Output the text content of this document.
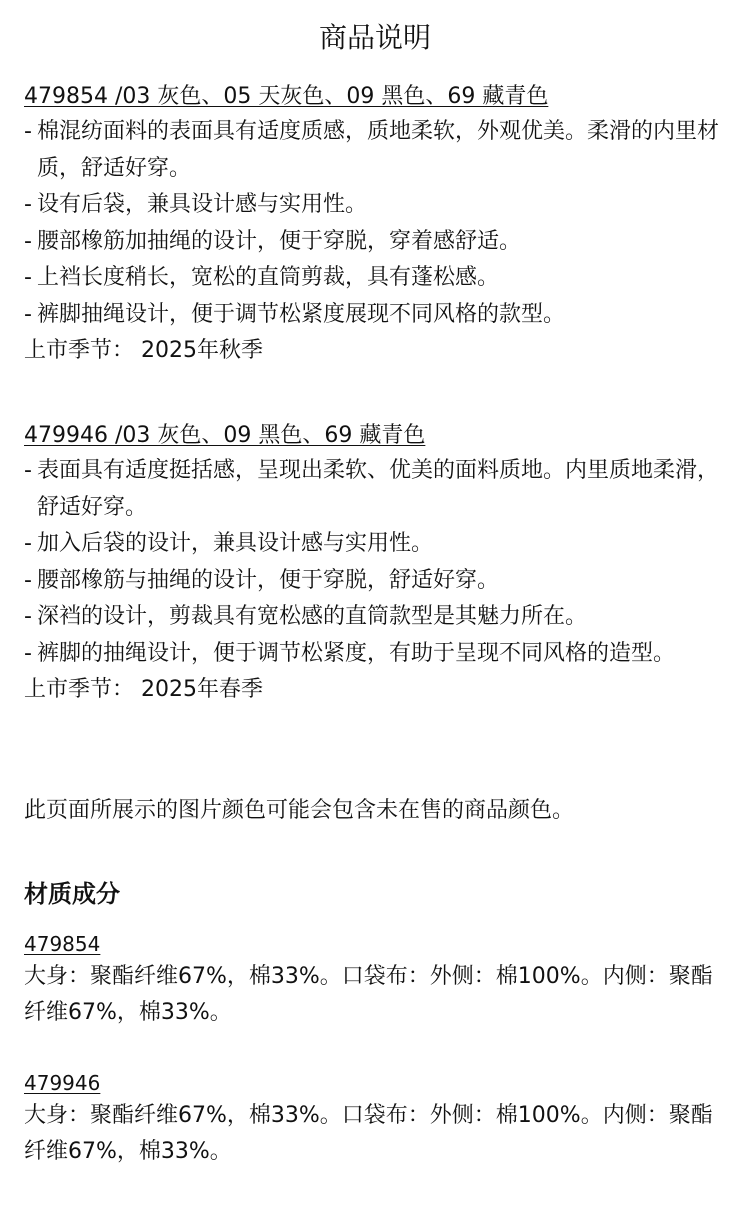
商品说明
479854 /03 灰色、05 天灰色、09 黑色、69 藏青色
- 棉混纺面料的表面具有适度质感，质地柔软，外观优美。柔滑的内里材质，舒适好穿。
- 设有后袋，兼具设计感与实用性。
- 腰部橡筋加抽绳的设计，便于穿脱，穿着感舒适。
- 上裆长度稍长，宽松的直筒剪裁，具有蓬松感。
- 裤脚抽绳设计，便于调节松紧度展现不同风格的款型。
上市季节： 2025年秋季
479946 /03 灰色、09 黑色、69 藏青色
- 表面具有适度挺括感，呈现出柔软、优美的面料质地。内里质地柔滑，舒适好穿。
- 加入后袋的设计，兼具设计感与实用性。
- 腰部橡筋与抽绳的设计，便于穿脱，舒适好穿。
- 深裆的设计，剪裁具有宽松感的直筒款型是其魅力所在。
- 裤脚的抽绳设计，便于调节松紧度，有助于呈现不同风格的造型。
上市季节： 2025年春季
此页面所展示的图片颜色可能会包含未在售的商品颜色。
材质成分
479854
大身：聚酯纤维67%，棉33%。口袋布：外侧：棉100%。内侧：聚酯纤维67%，棉33%。
479946
大身：聚酯纤维67%，棉33%。口袋布：外侧：棉100%。内侧：聚酯纤维67%，棉33%。
